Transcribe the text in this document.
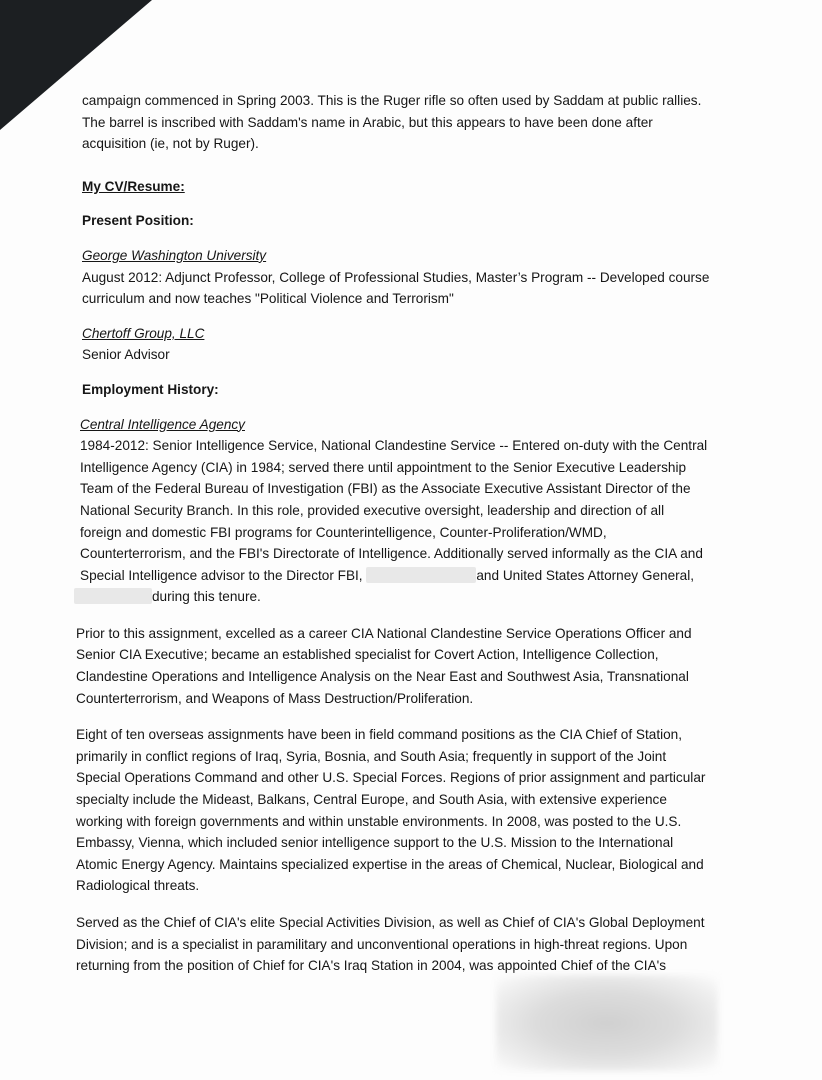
campaign commenced in Spring 2003. This is the Ruger rifle so often used by Saddam at public rallies.

The barrel is inscribed with Saddam's name in Arabic, but this appears to have been done after

acquisition (ie, not by Ruger).

My CV/Resume:

Present Position:

George Washington University

August 2012: Adjunct Professor, College of Professional Studies, Master’s Program -- Developed course

curriculum and now teaches "Political Violence and Terrorism"

Chertoff Group, LLC

Senior Advisor

Employment History:

Central Intelligence Agency

1984-2012: Senior Intelligence Service, National Clandestine Service -- Entered on-duty with the Central

Intelligence Agency (CIA) in 1984; served there until appointment to the Senior Executive Leadership

Team of the Federal Bureau of Investigation (FBI) as the Associate Executive Assistant Director of the

National Security Branch. In this role, provided executive oversight, leadership and direction of all

foreign and domestic FBI programs for Counterintelligence, Counter-Proliferation/WMD,

Counterterrorism, and the FBI's Directorate of Intelligence. Additionally served informally as the CIA and

Special Intelligence advisor to the Director FBI,	and United States Attorney General,

during this tenure.

Prior to this assignment, excelled as a career CIA National Clandestine Service Operations Officer and

Senior CIA Executive; became an established specialist for Covert Action, Intelligence Collection,

Clandestine Operations and Intelligence Analysis on the Near East and Southwest Asia, Transnational

Counterterrorism, and Weapons of Mass Destruction/Proliferation.

Eight of ten overseas assignments have been in field command positions as the CIA Chief of Station,

primarily in conflict regions of Iraq, Syria, Bosnia, and South Asia; frequently in support of the Joint

Special Operations Command and other U.S. Special Forces. Regions of prior assignment and particular

specialty include the Mideast, Balkans, Central Europe, and South Asia, with extensive experience

working with foreign governments and within unstable environments. In 2008, was posted to the U.S.

Embassy, Vienna, which included senior intelligence support to the U.S. Mission to the International

Atomic Energy Agency. Maintains specialized expertise in the areas of Chemical, Nuclear, Biological and

Radiological threats.

Served as the Chief of CIA's elite Special Activities Division, as well as Chief of CIA's Global Deployment

Division; and is a specialist in paramilitary and unconventional operations in high-threat regions. Upon

returning from the position of Chief for CIA's Iraq Station in 2004, was appointed Chief of the CIA's
